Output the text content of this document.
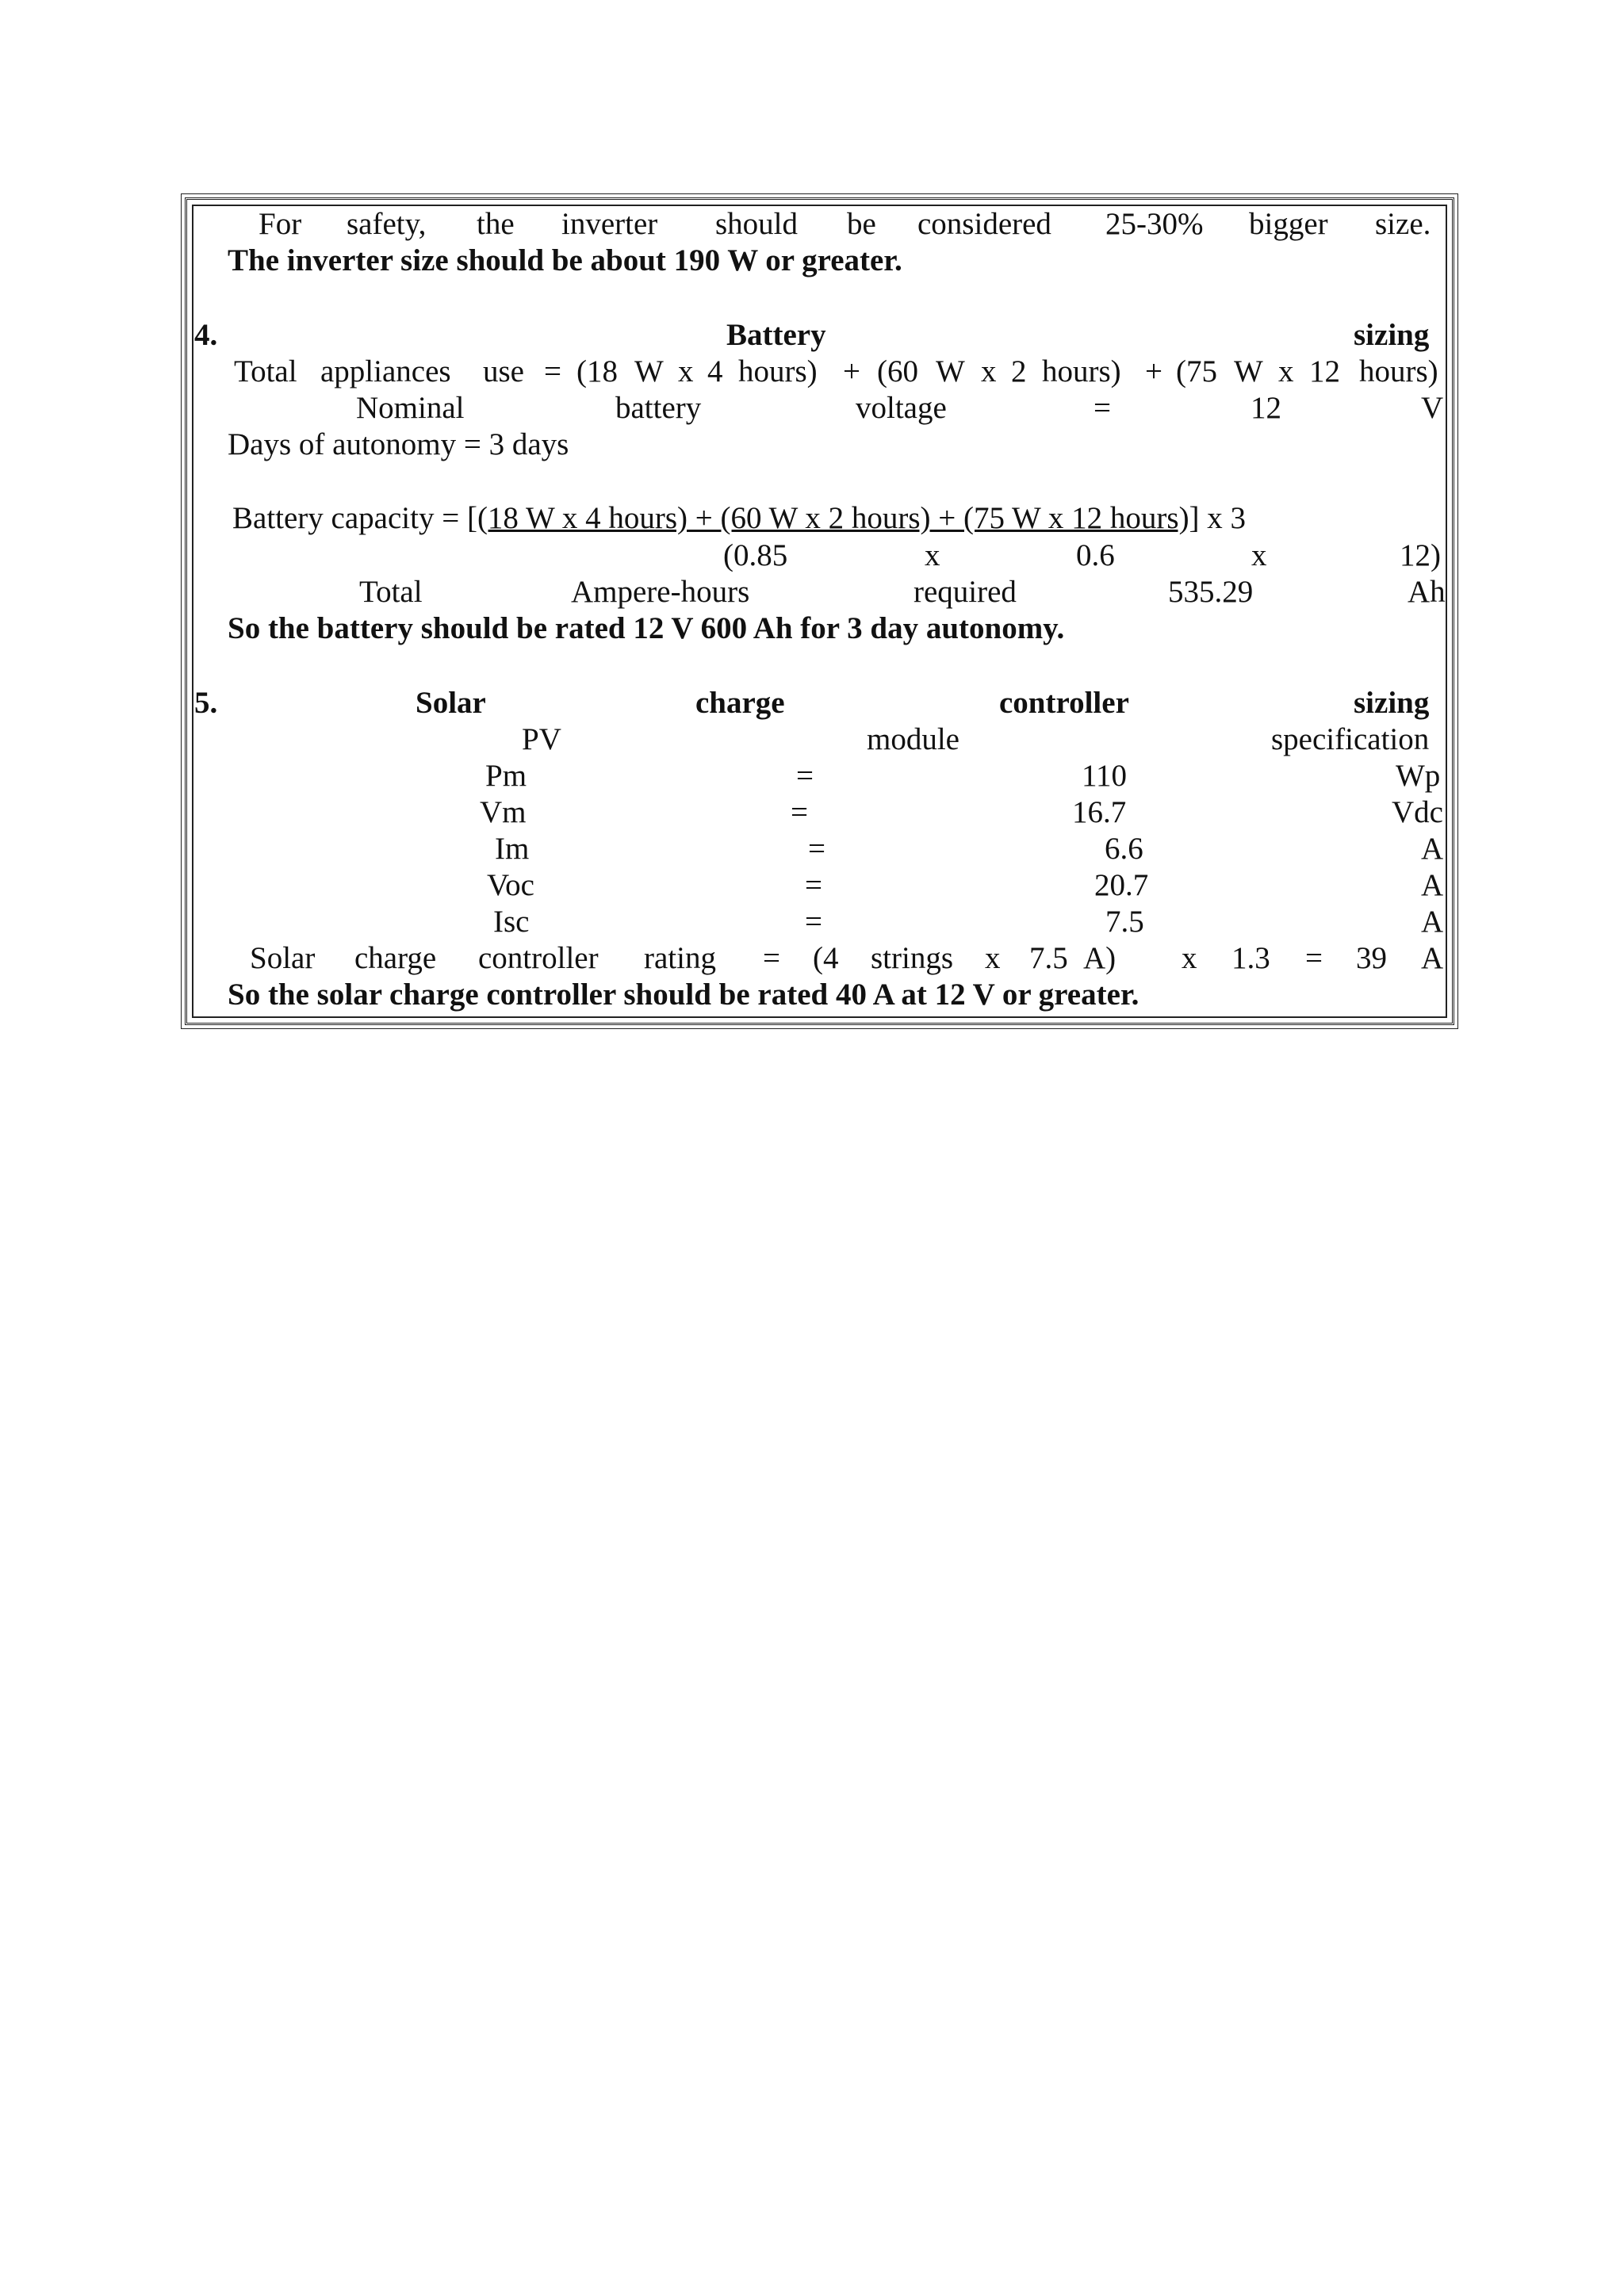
For safety, the inverter should be considered 25-30% bigger size.
The inverter size should be about 190 W or greater.
4.	Battery	sizing
Total appliances use = (18 W x 4 hours) + (60 W x 2 hours) + (75 W x 12 hours)
Nominal	battery	voltage	=	12	V
Days of autonomy = 3 days
Battery capacity = [(18 W x 4 hours) + (60 W x 2 hours) + (75 W x 12 hours)] x 3
(0.85	x	0.6	x	12)
Total	Ampere-hours	required	535.29	Ah
So the battery should be rated 12 V 600 Ah for 3 day autonomy.
5.	Solar	charge	controller	sizing
PV	module	specification
Pm	=	110	Wp
Vm	=	16.7	Vdc
Im	=	6.6	A
Voc	=	20.7	A
Isc	=	7.5	A
Solar charge controller rating = (4 strings x 7.5 A) x 1.3 = 39 A
So the solar charge controller should be rated 40 A at 12 V or greater.
